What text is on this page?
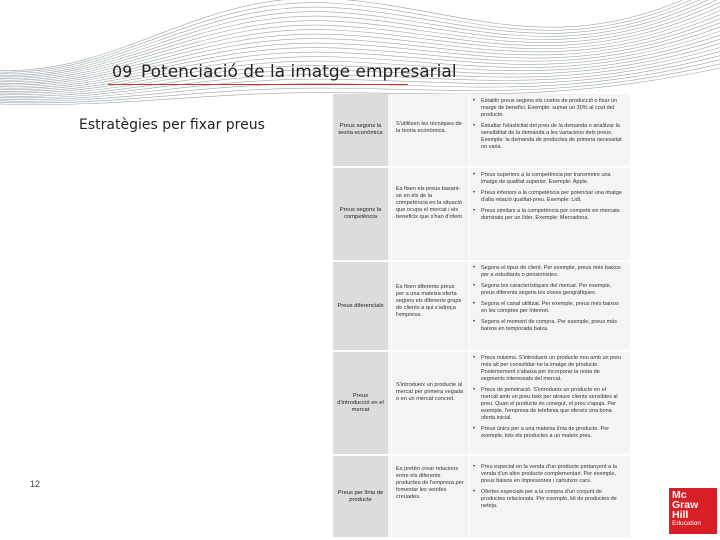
09 Potenciació de la imatge empresarial
Estratègies per fixar preus	Preus segons la teoria econòmica
S'utilitzen les tècniques de la teoria econòmica.
• Establir preus segons els costos de producció o fixar un marge de benefici. Exemple: sumar un 30% al cost del producte.
• Estudiar l'elasticitat del preu de la demanda o analitzar la sensibilitat de la demanda a les variacions dels preus. Exemple: la demanda de productes de primera necessitat no varia.
Preus segons la competència
Es fixen els preus basant-se en els de la competència en la situació que ocupa el mercat i els beneficis que s'han d'oferir.
• Preus superiors a la competència per transmetre una imatge de qualitat superior. Exemple: Apple.
• Preus inferiors a la competència per potenciar una imatge d'alta relació qualitat-preu. Exemple: Lidl.
• Preus similars a la competència per competir en mercats dominats per un líder. Exemple: Mercadona.
Preus diferencials
Es fixen diferents preus per a una mateixa oferta segons els diferents grups de clients a qui s'adreça l'empresa.
• Segons el tipus de client. Per exemple, preus més baixos per a estudiants o pensionistes.
• Segons les característiques del mercat. Per exemple, preus diferents segons les zones geogràfiques.
• Segons el canal utilitzat. Per exemple, preus més baixos en les compres per Internet.
• Segons el moment de compra. Per exemple, preus més baixos en temporada baixa.
Preus d'introducció en el mercat
S'introdueix un producte al mercat per primera vegada o en un mercat concret.
• Preus màxims. S'introdueix un producte nou amb un preu més alt per consolidar-ne la imatge de producte. Posteriorment s'abaixa per incorporar la resta de segments interessats del mercat.
• Preus de penetració. S'introdueix un producte en el mercat amb un preu baix per atraure clients sensibles al preu. Quan el producte és conegut, el preu s'apuja. Per exemple, l'empresa de telefonia que ofereix una bona oferta inicial.
• Preus únics per a una mateixa línia de producte. Per exemple, tots els productes a un mateix preu.
Preus per línia de producte
Es pretén crear relacions entre els diferents productes de l'empresa per fomentar les vendes creuades.
• Preu especial en la venda d'un producte pertanyent a la venda d'un altre producte complementari. Per exemple, preus baixos en impressores i cartutxos cars.
• Ofertes especials per a la compra d'un conjunt de productes relacionats. Per exemple, kit de productes de neteja.
12
Mc
Graw
Hill
Education
